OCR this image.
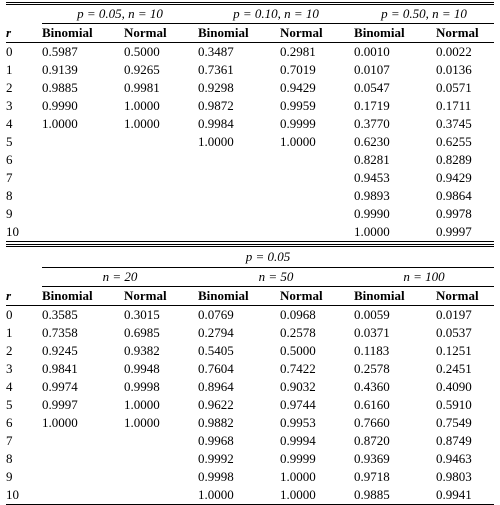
	p = 0.05, n = 10		p = 0.10, n = 10		p = 0.50, n = 10	
r	Binomial	Normal	Binomial	Normal	Binomial	Normal
0	0.5987	0.5000	0.3487	0.2981	0.0010	0.0022
1	0.9139	0.9265	0.7361	0.7019	0.0107	0.0136
2	0.9885	0.9981	0.9298	0.9429	0.0547	0.0571
3	0.9990	1.0000	0.9872	0.9959	0.1719	0.1711
4	1.0000	1.0000	0.9984	0.9999	0.3770	0.3745
5			1.0000	1.0000	0.6230	0.6255
6					0.8281	0.8289
7					0.9453	0.9429
8					0.9893	0.9864
9					0.9990	0.9978
10					1.0000	0.9997
	p = 0.05					
	n = 20		n = 50		n = 100	
r	Binomial	Normal	Binomial	Normal	Binomial	Normal
0	0.3585	0.3015	0.0769	0.0968	0.0059	0.0197
1	0.7358	0.6985	0.2794	0.2578	0.0371	0.0537
2	0.9245	0.9382	0.5405	0.5000	0.1183	0.1251
3	0.9841	0.9948	0.7604	0.7422	0.2578	0.2451
4	0.9974	0.9998	0.8964	0.9032	0.4360	0.4090
5	0.9997	1.0000	0.9622	0.9744	0.6160	0.5910
6	1.0000	1.0000	0.9882	0.9953	0.7660	0.7549
7			0.9968	0.9994	0.8720	0.8749
8			0.9992	0.9999	0.9369	0.9463
9			0.9998	1.0000	0.9718	0.9803
10			1.0000	1.0000	0.9885	0.9941
